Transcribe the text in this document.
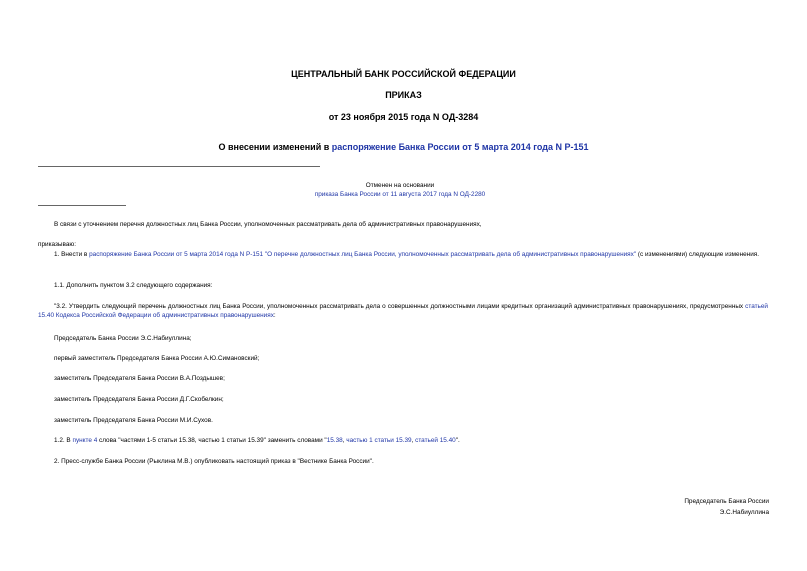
ЦЕНТРАЛЬНЫЙ БАНК РОССИЙСКОЙ ФЕДЕРАЦИИ
ПРИКАЗ
от 23 ноября 2015 года N ОД-3284
О внесении изменений в распоряжение Банка России от 5 марта 2014 года N Р-151
Отменен на основании
приказа Банка России от 11 августа 2017 года N ОД-2280
В связи с уточнением перечня должностных лиц Банка России, уполномоченных рассматривать дела об административных правонарушениях,
приказываю:
1. Внести в распоряжение Банка России от 5 марта 2014 года N Р-151 "О перечне должностных лиц Банка России, уполномоченных рассматривать дела об административных правонарушениях" (с изменениями) следующие изменения.
1.1. Дополнить пунктом 3.2 следующего содержания:
"3.2. Утвердить следующий перечень должностных лиц Банка России, уполномоченных рассматривать дела о совершенных должностными лицами кредитных организаций административных правонарушениях, предусмотренных статьей 15.40 Кодекса Российской Федерации об административных правонарушениях:
Председатель Банка России Э.С.Набиуллина;
первый заместитель Председателя Банка России А.Ю.Симановский;
заместитель Председателя Банка России В.А.Поздышев;
заместитель Председателя Банка России Д.Г.Скобелкин;
заместитель Председателя Банка России М.И.Сухов.
1.2. В пункте 4 слова "частями 1-5 статьи 15.38, частью 1 статьи 15.39" заменить словами "15.38, частью 1 статьи 15.39, статьей 15.40".
2. Пресс-службе Банка России (Рыклина М.В.) опубликовать настоящий приказ в "Вестнике Банка России".
Председатель Банка России
Э.С.Набиуллина
